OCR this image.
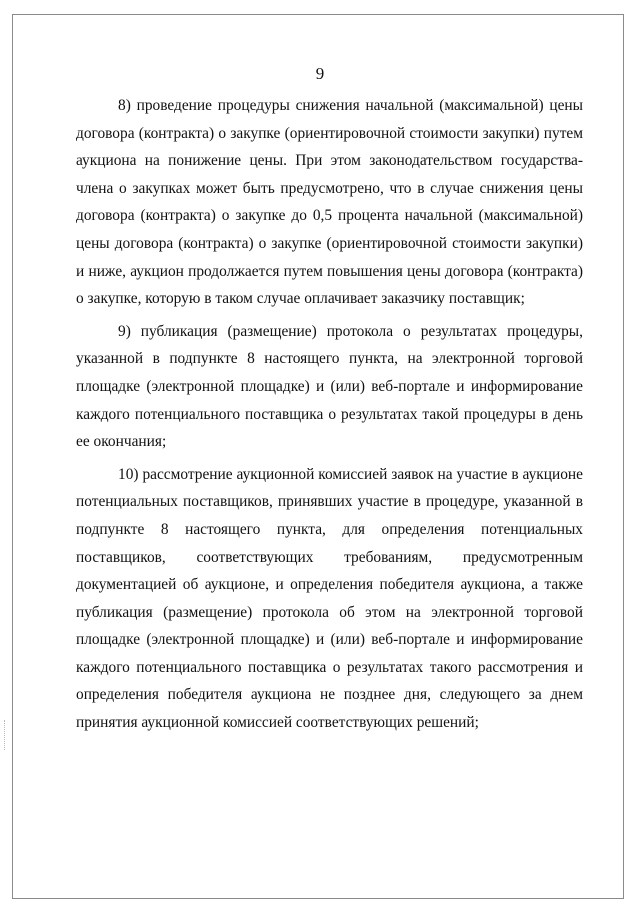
9

8) проведение процедуры снижения начальной (максимальной) цены договора (контракта) о закупке (ориентировочной стоимости закупки) путем аукциона на понижение цены. При этом законодательством государства-члена о закупках может быть предусмотрено, что в случае снижения цены договора (контракта) о закупке до 0,5 процента начальной (максимальной) цены договора (контракта) о закупке (ориентировочной стоимости закупки) и ниже, аукцион продолжается путем повышения цены договора (контракта) о закупке, которую в таком случае оплачивает заказчику поставщик;

9) публикация (размещение) протокола о результатах процедуры, указанной в подпункте 8 настоящего пункта, на электронной торговой площадке (электронной площадке) и (или) веб-портале и информирование каждого потенциального поставщика о результатах такой процедуры в день ее окончания;

10) рассмотрение аукционной комиссией заявок на участие в аукционе потенциальных поставщиков, принявших участие в процедуре, указанной в подпункте 8 настоящего пункта, для определения потенциальных поставщиков, соответствующих требованиям, предусмотренным документацией об аукционе, и определения победителя аукциона, а также публикация (размещение) протокола об этом на электронной торговой площадке (электронной площадке) и (или) веб-портале и информирование каждого потенциального поставщика о результатах такого рассмотрения и определения победителя аукциона не позднее дня, следующего за днем принятия аукционной комиссией соответствующих решений;
